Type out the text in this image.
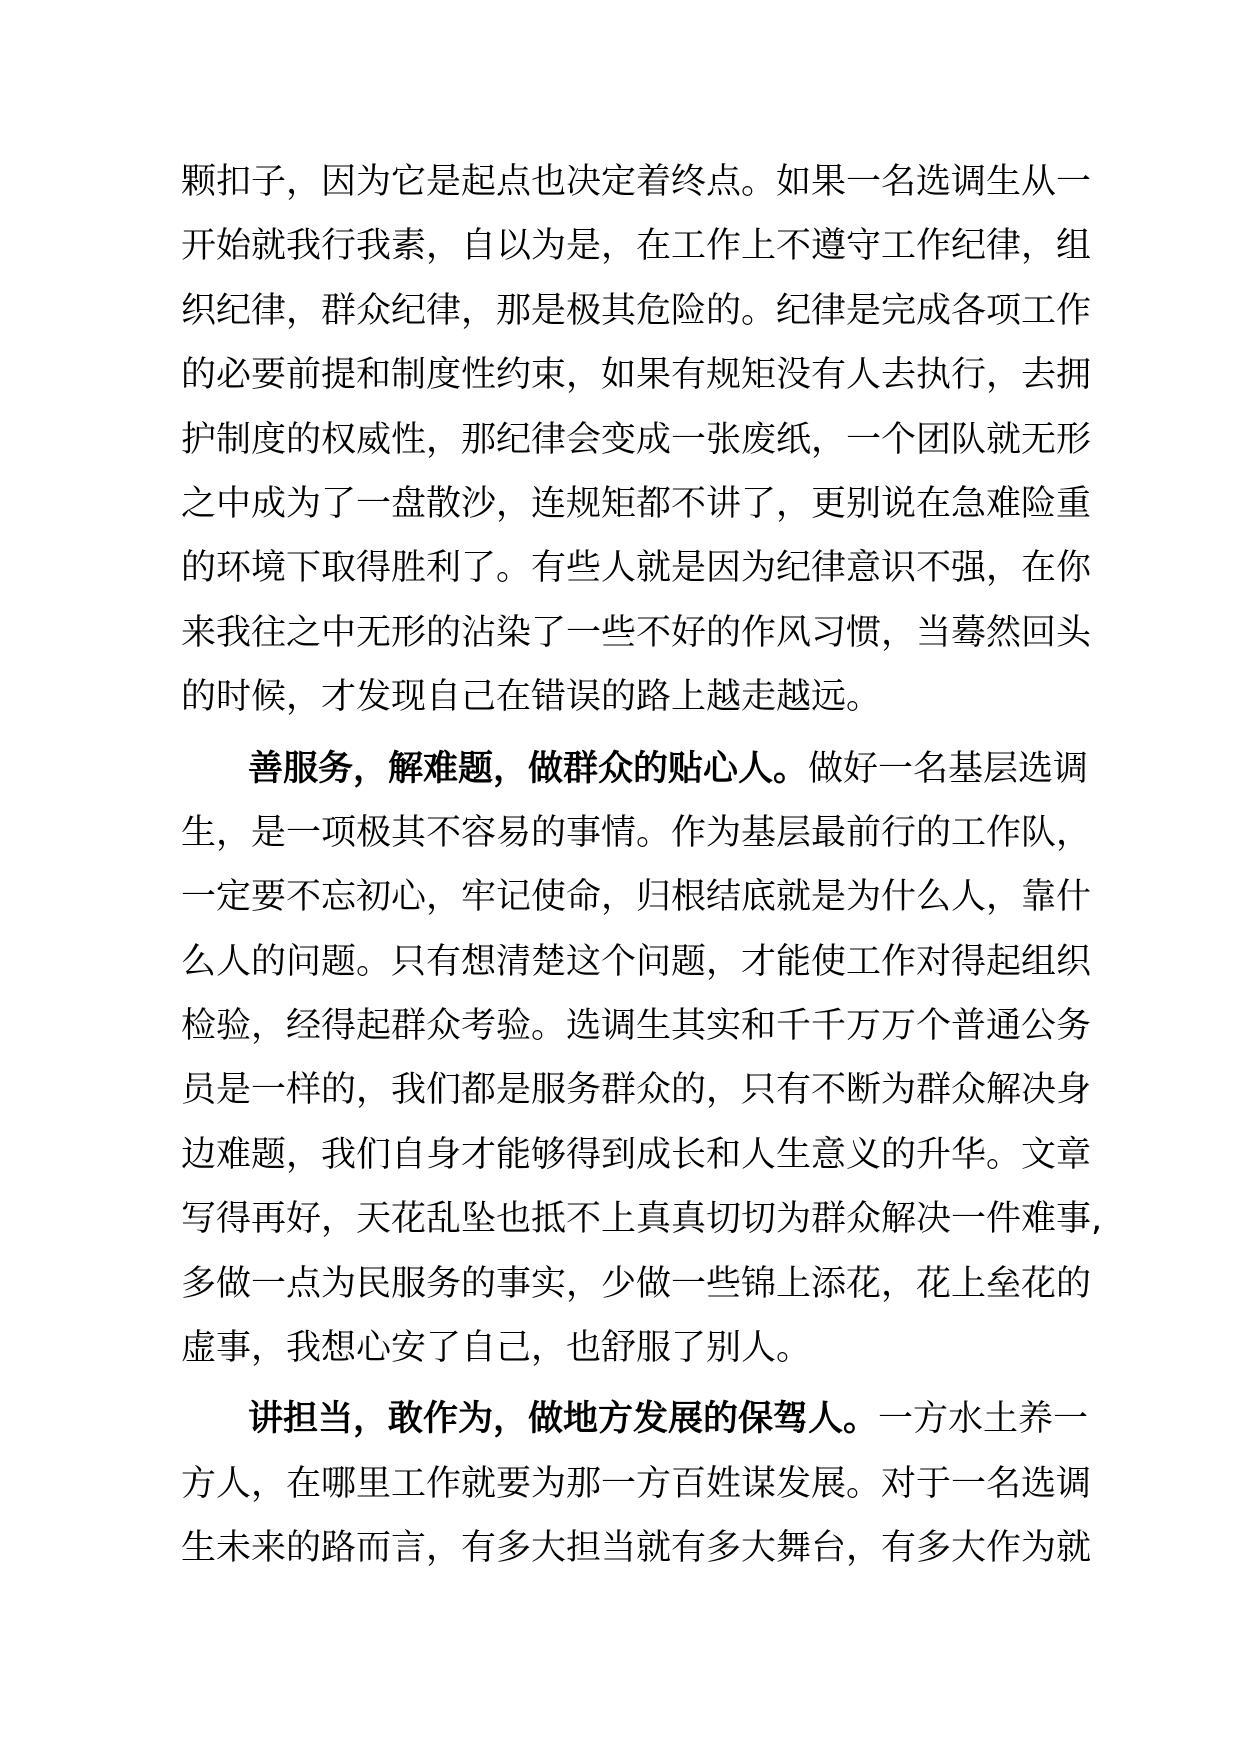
颗扣子，因为它是起点也决定着终点。如果一名选调生从一
开始就我行我素，自以为是，在工作上不遵守工作纪律，组
织纪律，群众纪律，那是极其危险的。纪律是完成各项工作
的必要前提和制度性约束，如果有规矩没有人去执行，去拥
护制度的权威性，那纪律会变成一张废纸，一个团队就无形
之中成为了一盘散沙，连规矩都不讲了，更别说在急难险重
的环境下取得胜利了。有些人就是因为纪律意识不强，在你
来我往之中无形的沾染了一些不好的作风习惯，当蓦然回头
的时候，才发现自己在错误的路上越走越远。
善服务，解难题，做群众的贴心人。做好一名基层选调
生，是一项极其不容易的事情。作为基层最前行的工作队，
一定要不忘初心，牢记使命，归根结底就是为什么人，靠什
么人的问题。只有想清楚这个问题，才能使工作对得起组织
检验，经得起群众考验。选调生其实和千千万万个普通公务
员是一样的，我们都是服务群众的，只有不断为群众解决身
边难题，我们自身才能够得到成长和人生意义的升华。文章
写得再好，天花乱坠也抵不上真真切切为群众解决一件难事,
多做一点为民服务的事实，少做一些锦上添花，花上垒花的
虚事，我想心安了自己，也舒服了别人。
讲担当，敢作为，做地方发展的保驾人。一方水土养一
方人，在哪里工作就要为那一方百姓谋发展。对于一名选调
生未来的路而言，有多大担当就有多大舞台，有多大作为就
